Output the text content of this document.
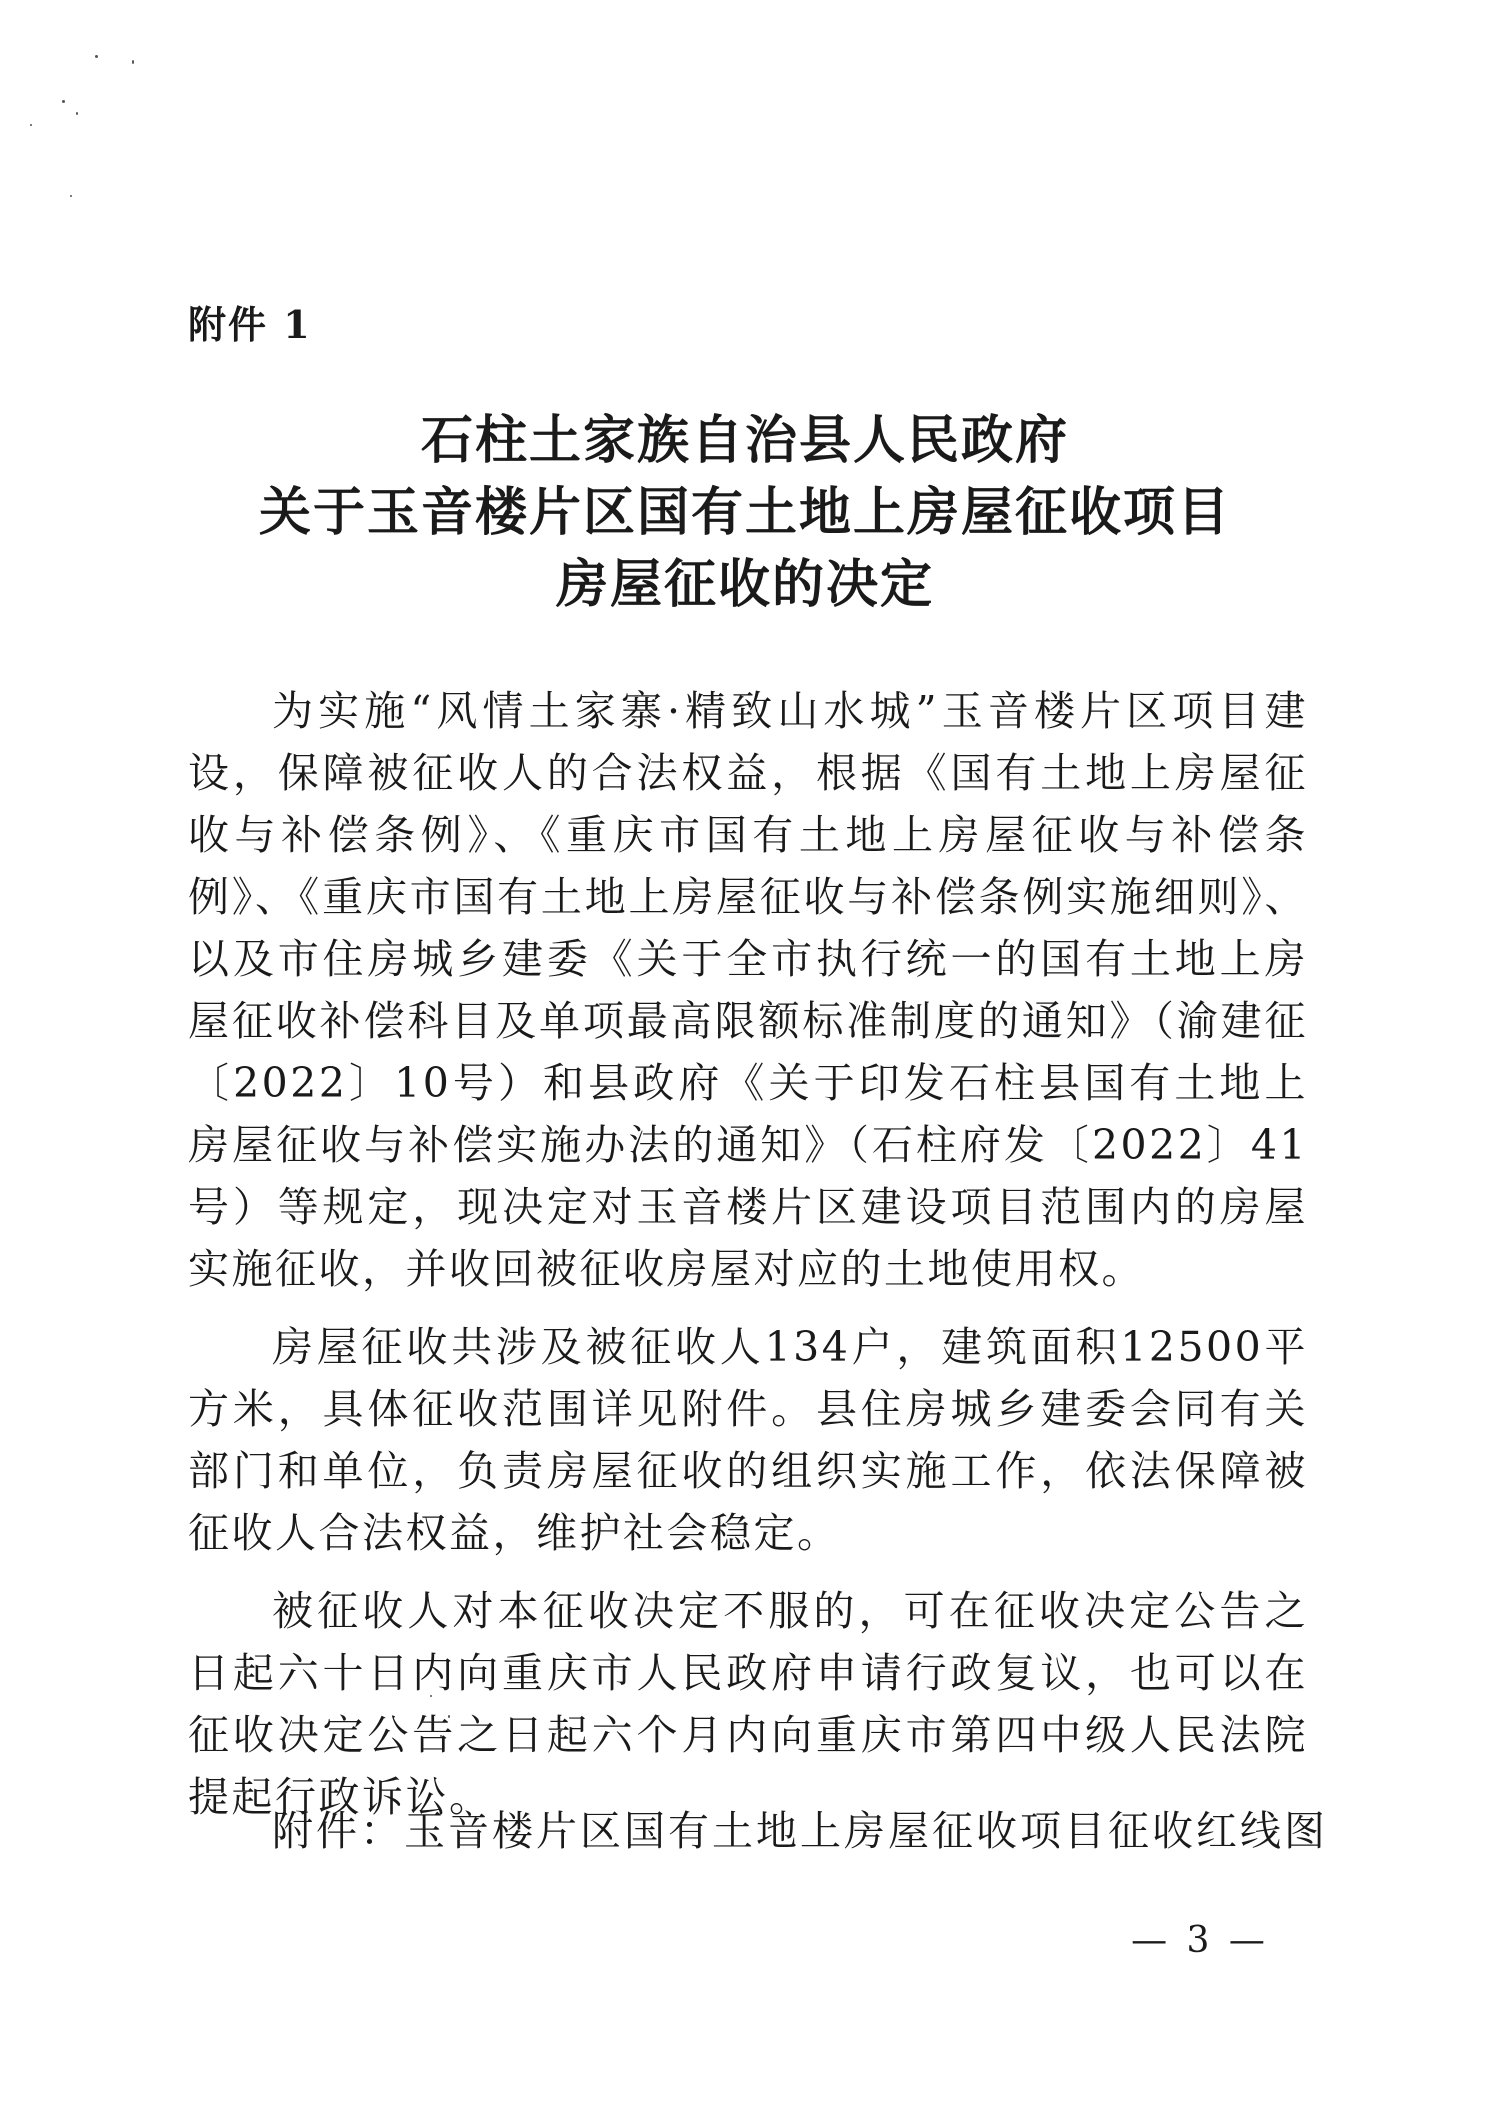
附件 1
石柱土家族自治县人民政府
关于玉音楼片区国有土地上房屋征收项目
房屋征收的决定

为实施“风情土家寨·精致山水城”玉音楼片区项目建设，保障被征收人的合法权益，根据《国有土地上房屋征收与补偿条例》、《重庆市国有土地上房屋征收与补偿条例》、《重庆市国有土地上房屋征收与补偿条例实施细则》、以及市住房城乡建委《关于全市执行统一的国有土地上房屋征收补偿科目及单项最高限额标准制度的通知》（渝建征〔2022〕10号）和县政府《关于印发石柱县国有土地上房屋征收与补偿实施办法的通知》（石柱府发〔2022〕41号）等规定，现决定对玉音楼片区建设项目范围内的房屋实施征收，并收回被征收房屋对应的土地使用权。

房屋征收共涉及被征收人134户，建筑面积12500平方米，具体征收范围详见附件。县住房城乡建委会同有关部门和单位，负责房屋征收的组织实施工作，依法保障被征收人合法权益，维护社会稳定。

被征收人对本征收决定不服的，可在征收决定公告之日起六十日内向重庆市人民政府申请行政复议，也可以在征收决定公告之日起六个月内向重庆市第四中级人民法院提起行政诉讼。

附件：玉音楼片区国有土地上房屋征收项目征收红线图
— 3 —
